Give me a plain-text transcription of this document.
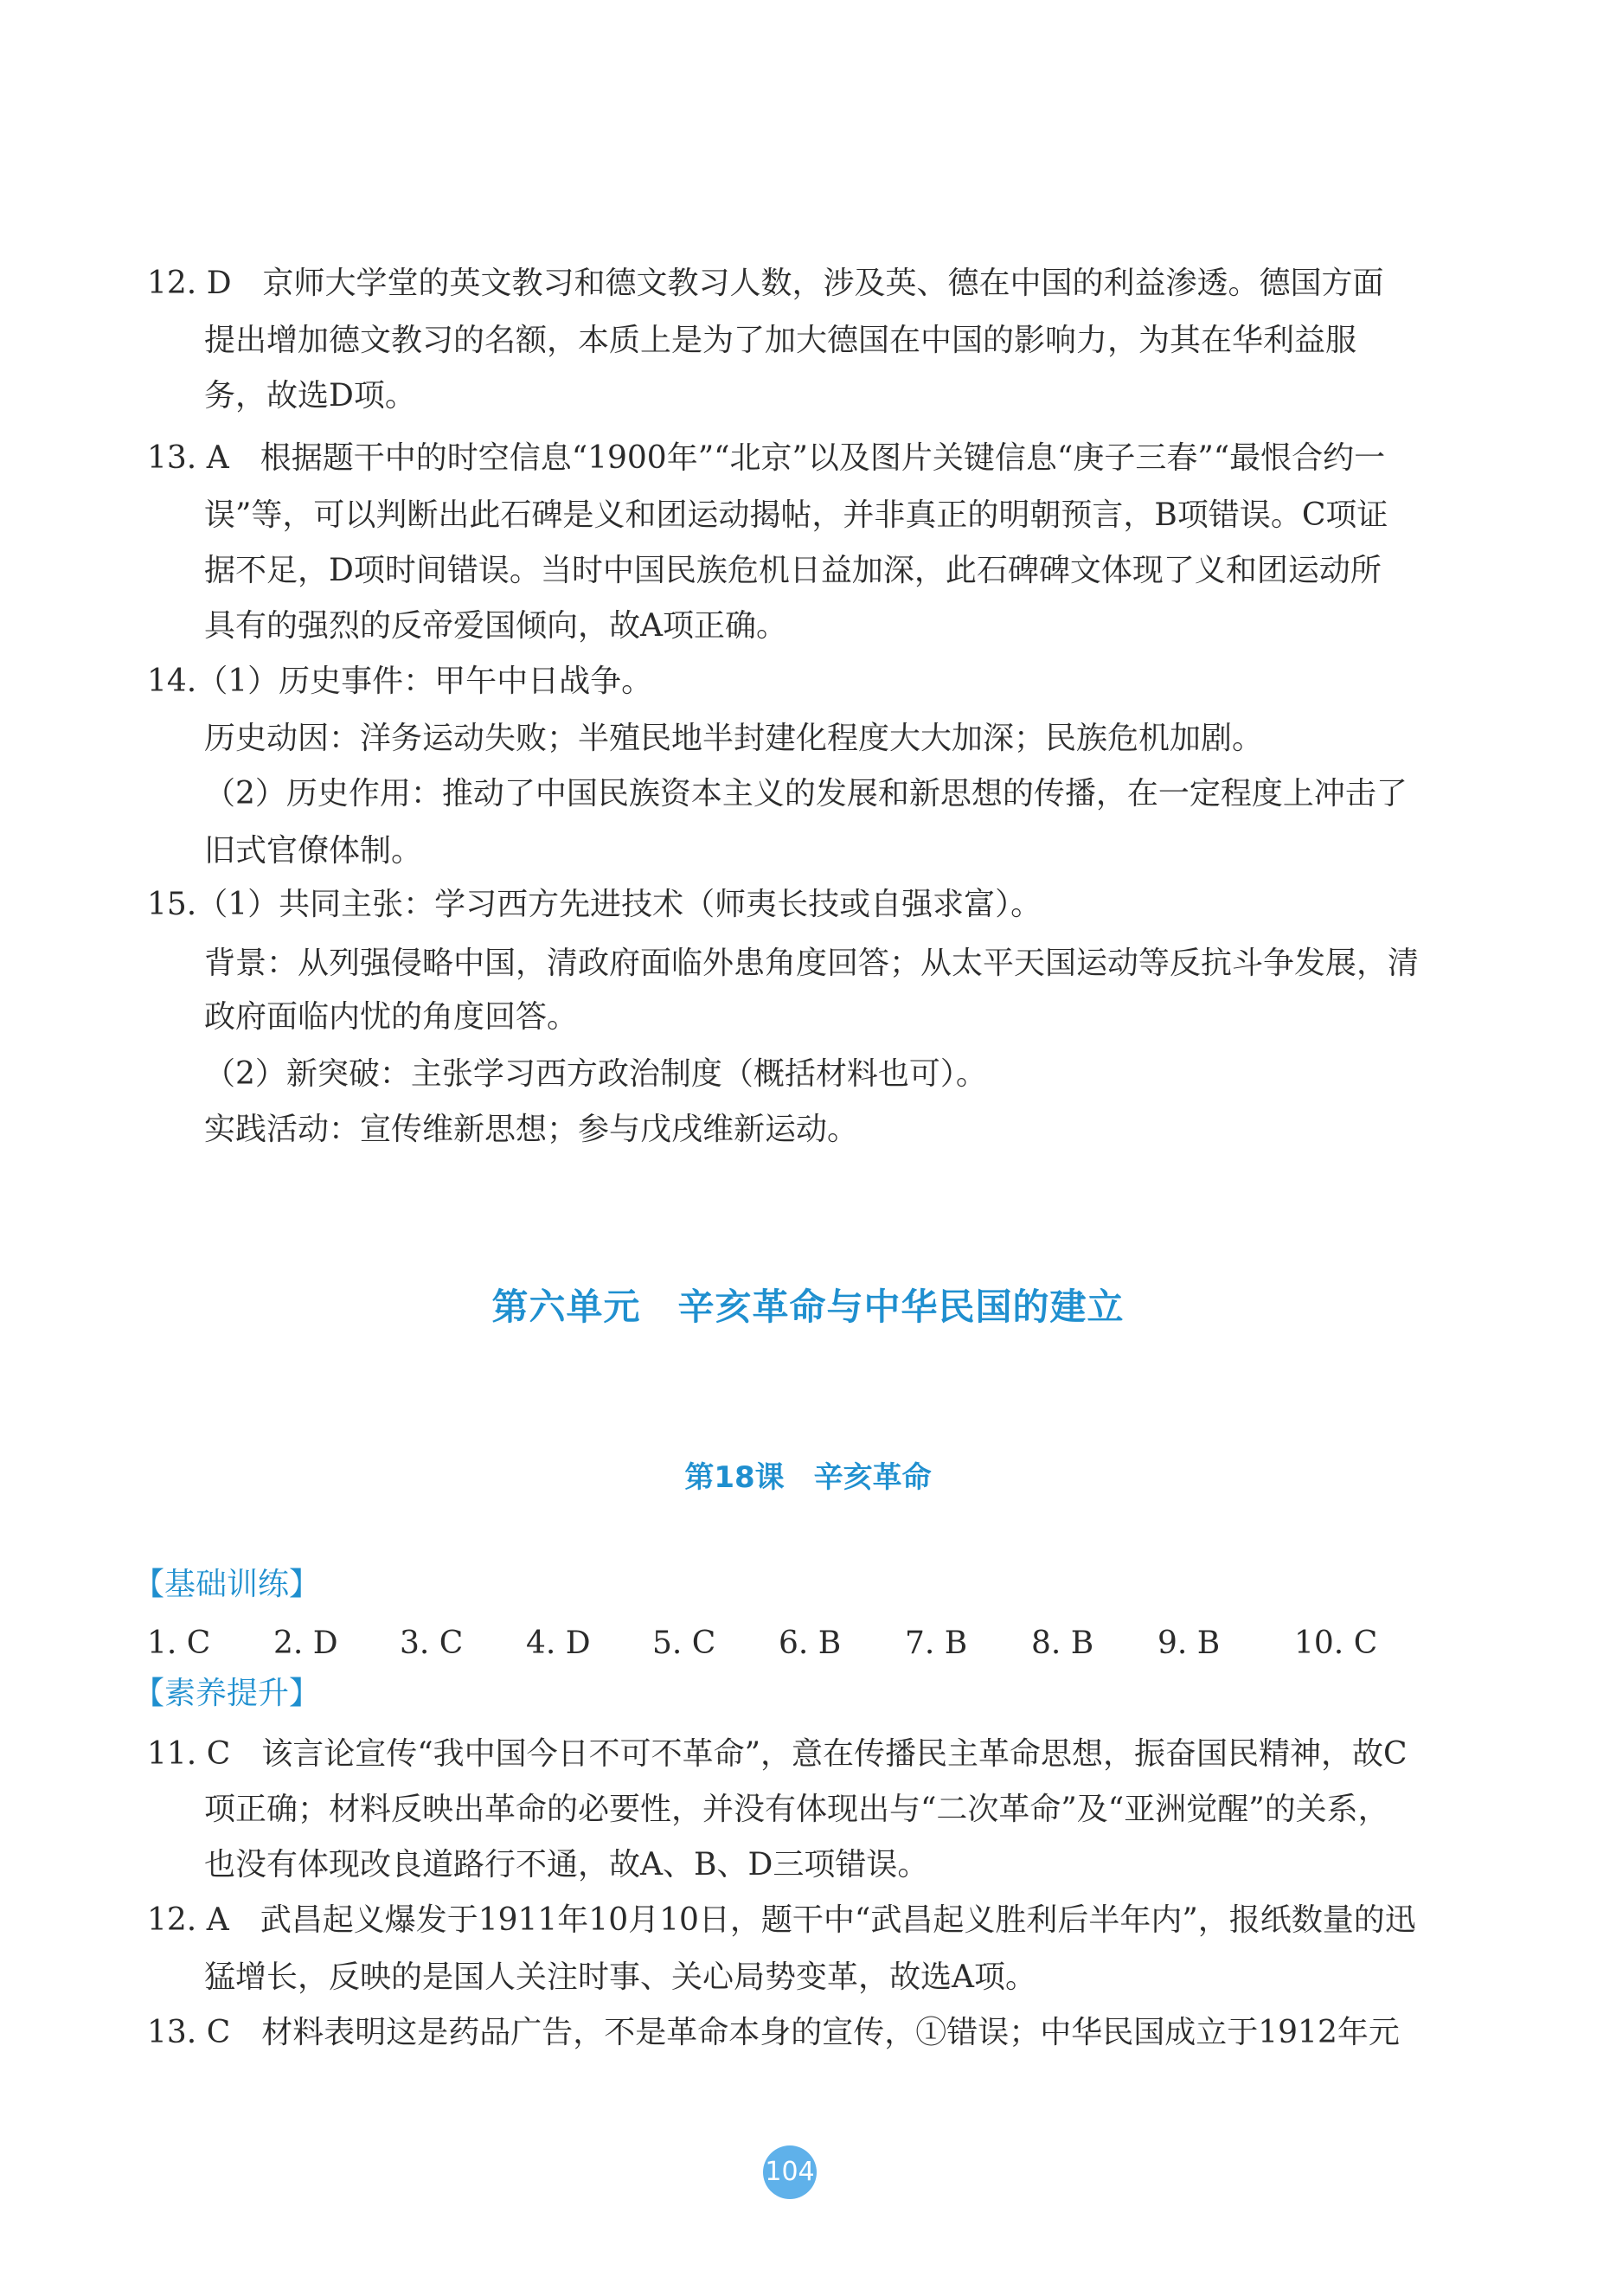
12. D　京师大学堂的英文教习和德文教习人数，涉及英、德在中国的利益渗透。德国方面
提出增加德文教习的名额，本质上是为了加大德国在中国的影响力，为其在华利益服
务，故选D项。
13. A　根据题干中的时空信息“1900年”“北京”以及图片关键信息“庚子三春”“最恨合约一
误”等，可以判断出此石碑是义和团运动揭帖，并非真正的明朝预言，B项错误。C项证
据不足，D项时间错误。当时中国民族危机日益加深，此石碑碑文体现了义和团运动所
具有的强烈的反帝爱国倾向，故A项正确。
14.（1）历史事件：甲午中日战争。
历史动因：洋务运动失败；半殖民地半封建化程度大大加深；民族危机加剧。
（2）历史作用：推动了中国民族资本主义的发展和新思想的传播，在一定程度上冲击了
旧式官僚体制。
15.（1）共同主张：学习西方先进技术（师夷长技或自强求富）。
背景：从列强侵略中国，清政府面临外患角度回答；从太平天国运动等反抗斗争发展，清
政府面临内忧的角度回答。
（2）新突破：主张学习西方政治制度（概括材料也可）。
实践活动：宣传维新思想；参与戊戌维新运动。
第六单元　辛亥革命与中华民国的建立
第18课　辛亥革命
【基础训练】
1. C 2. D 3. C 4. D 5. C 6. B 7. B 8. B 9. B 10. C
【素养提升】
11. C　该言论宣传“我中国今日不可不革命”，意在传播民主革命思想，振奋国民精神，故C
项正确；材料反映出革命的必要性，并没有体现出与“二次革命”及“亚洲觉醒”的关系，
也没有体现改良道路行不通，故A、B、D三项错误。
12. A　武昌起义爆发于1911年10月10日，题干中“武昌起义胜利后半年内”，报纸数量的迅
猛增长，反映的是国人关注时事、关心局势变革，故选A项。
13. C　材料表明这是药品广告，不是革命本身的宣传，①错误；中华民国成立于1912年元
104
